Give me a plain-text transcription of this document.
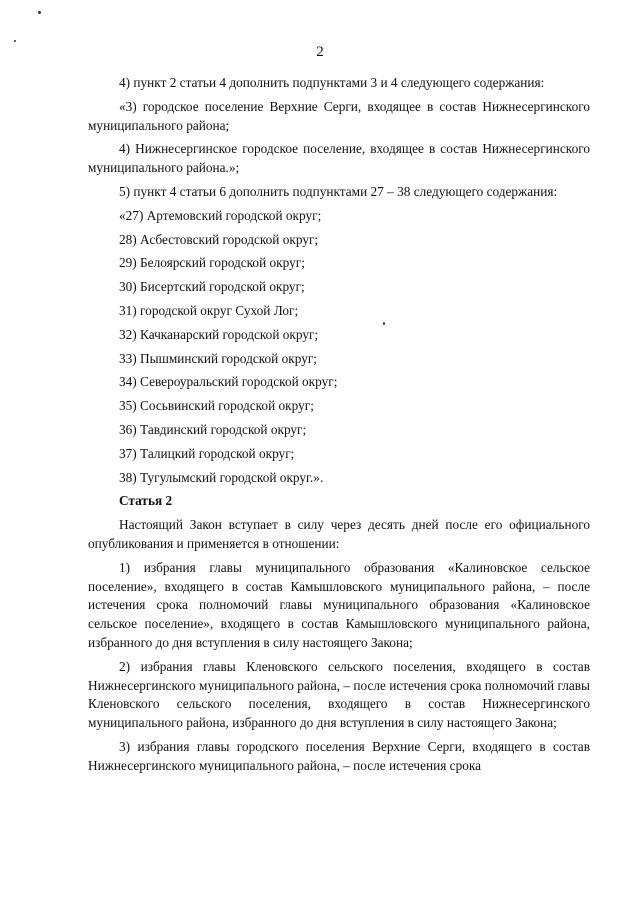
2

4) пункт 2 статьи 4 дополнить подпунктами 3 и 4 следующего содержания:

«3) городское поселение Верхние Серги, входящее в состав Нижнесергинского муниципального района;

4) Нижнесергинское городское поселение, входящее в состав Нижнесергинского муниципального района.»;

5) пункт 4 статьи 6 дополнить подпунктами 27 – 38 следующего содержания:

«27) Артемовский городской округ;

28) Асбестовский городской округ;

29) Белоярский городской округ;

30) Бисертский городской округ;

31) городской округ Сухой Лог;

32) Качканарский городской округ;

33) Пышминский городской округ;

34) Североуральский городской округ;

35) Сосьвинский городской округ;

36) Тавдинский городской округ;

37) Талицкий городской округ;

38) Тугулымский городской округ.».

Статья 2

Настоящий Закон вступает в силу через десять дней после его официального опубликования и применяется в отношении:

1) избрания главы муниципального образования «Калиновское сельское поселение», входящего в состав Камышловского муниципального района, – после истечения срока полномочий главы муниципального образования «Калиновское сельское поселение», входящего в состав Камышловского муниципального района, избранного до дня вступления в силу настоящего Закона;

2) избрания главы Кленовского сельского поселения, входящего в состав Нижнесергинского муниципального района, – после истечения срока полномочий главы Кленовского сельского поселения, входящего в состав Нижнесергинского муниципального района, избранного до дня вступления в силу настоящего Закона;

3) избрания главы городского поселения Верхние Серги, входящего в состав Нижнесергинского муниципального района, – после истечения срока
